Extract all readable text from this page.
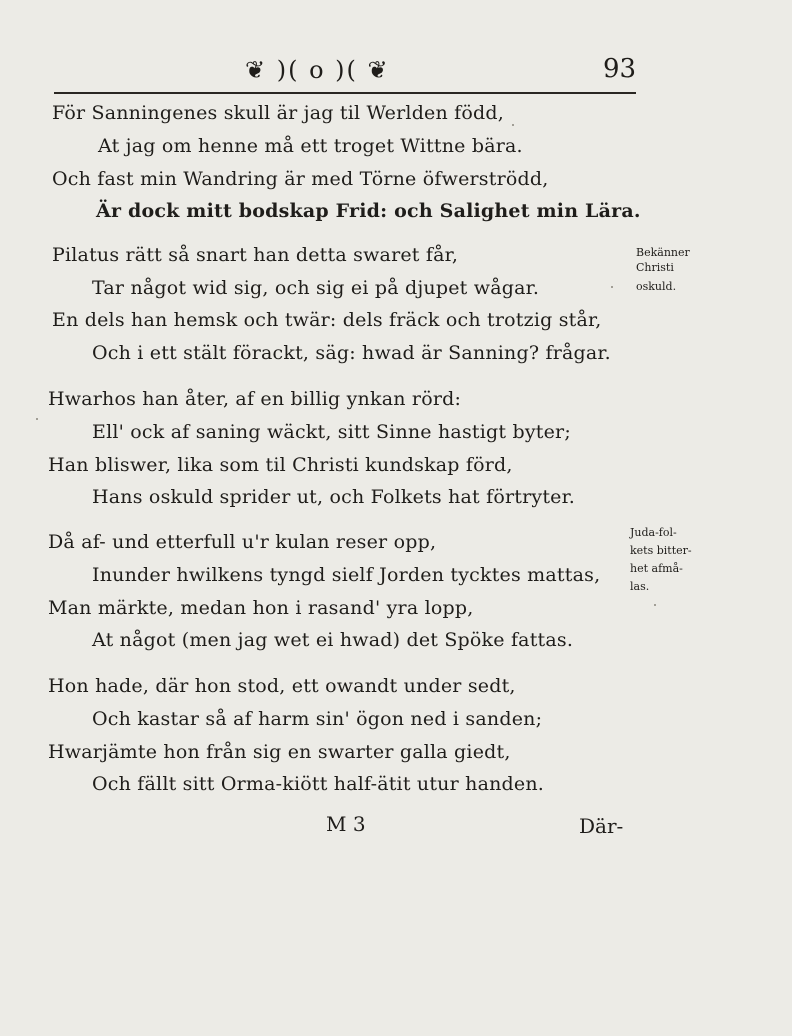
❦ )( o )( ❦	93
För Sanningenes skull är jag til Werlden född,
At jag om henne må ett troget Wittne bära.
Och fast min Wandring är med Törne öfwerströdd,
Är dock mitt bodskap Frid: och Salighet min Lära.
Pilatus rätt så snart han detta swaret får,
Tar något wid sig, och sig ei på djupet wågar.
En dels han hemsk och twär: dels fräck och trotzig står,
Och i ett stält förackt, säg: hwad är Sanning? frågar.
Hwarhos han åter, af en billig ynkan rörd:
Ell' ock af saning wäckt, sitt Sinne hastigt byter;
Han bliswer, lika som til Christi kundskap förd,
Hans oskuld sprider ut, och Folkets hat förtryter.
Då af- und etterfull u'r kulan reser opp,
Inunder hwilkens tyngd sielf Jorden tycktes mattas,
Man märkte, medan hon i rasand' yra lopp,
At något (men jag wet ei hwad) det Spöke fattas.
Hon hade, där hon stod, ett owandt under sedt,
Och kastar så af harm sin' ögon ned i sanden;
Hwarjämte hon från sig en swarter galla giedt,
Och fällt sitt Orma-kiött half-ätit utur handen.
Bekänner
Christi
oskuld.
Juda-fol-
kets bitter-
het afmå-
las.
M 3	Där-
